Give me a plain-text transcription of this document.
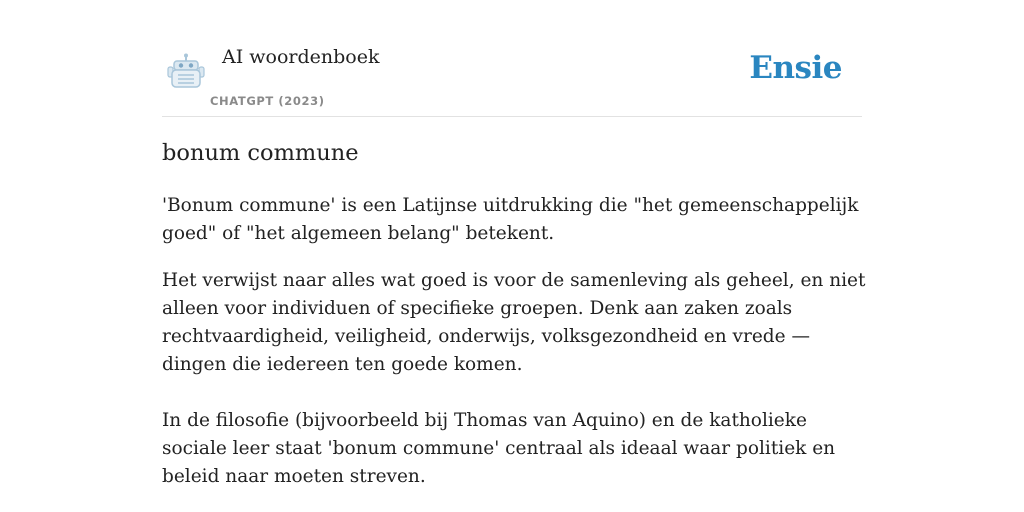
AI woordenboek
CHATGPT (2023)
Ensie
bonum commune

'Bonum commune' is een Latijnse uitdrukking die "het gemeenschappelijk goed" of "het algemeen belang" betekent.

Het verwijst naar alles wat goed is voor de samenleving als geheel, en niet alleen voor individuen of specifieke groepen. Denk aan zaken zoals rechtvaardigheid, veiligheid, onderwijs, volksgezondheid en vrede — dingen die iedereen ten goede komen.

In de filosofie (bijvoorbeeld bij Thomas van Aquino) en de katholieke sociale leer staat 'bonum commune' centraal als ideaal waar politiek en beleid naar moeten streven.
